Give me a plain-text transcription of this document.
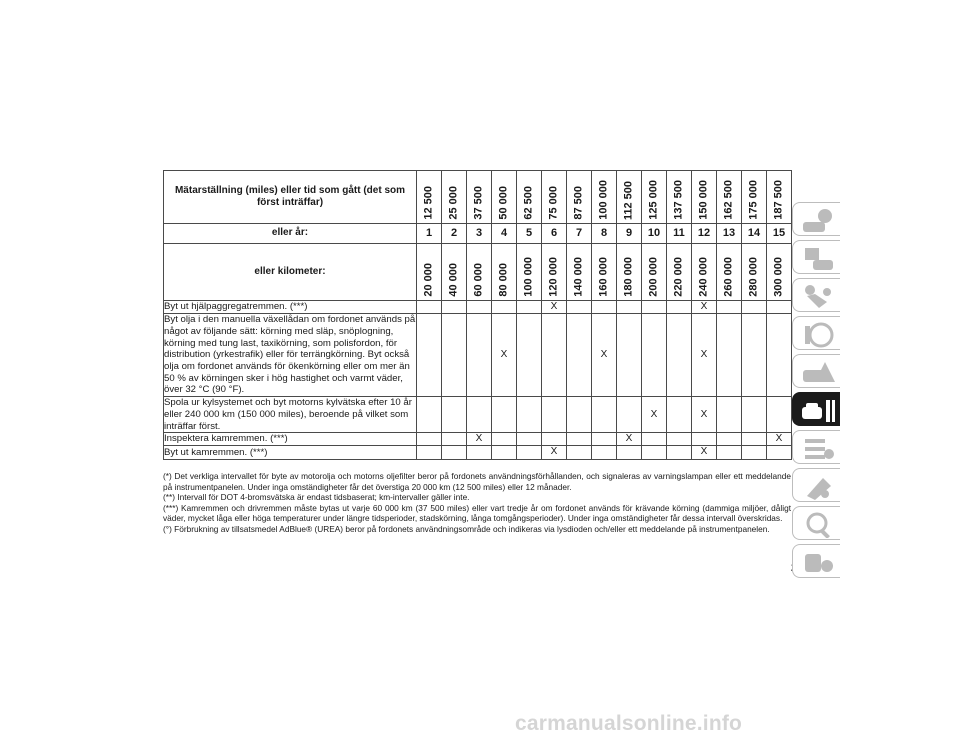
Mätarställning (miles) eller tid som gått (det som först inträffar)	12 500	25 000	37 500	50 000	62 500	75 000	87 500	100 000	112 500	125 000	137 500	150 000	162 500	175 000	187 500

eller år:	1	2	3	4	5	6	7	8	9	10	11	12	13	14	15
eller kilometer:	20 000	40 000	60 000	80 000	100 000	120 000	140 000	160 000	180 000	200 000	220 000	240 000	260 000	280 000	300 000

Byt ut hjälpaggregatremmen. (***)						X						X			
Byt olja i den manuella växellådan om fordonet används på något av följande sätt: körning med släp, snöplogning, körning med tung last, taxikörning, som polisfordon, för distribution (yrkestrafik) eller för terrängkörning. Byt också olja om fordonet används för ökenkörning eller om mer än 50 % av körningen sker i hög hastighet och varmt väder, över 32 °C (90 °F).				X				X				X			
Spola ur kylsystemet och byt motorns kylvätska efter 10 år eller 240 000 km (150 000 miles), beroende på vilket som inträffar först.										X		X			
Inspektera kamremmen. (***)			X						X						X
Byt ut kamremmen. (***)						X						X			

(*) Det verkliga intervallet för byte av motorolja och motorns oljefilter beror på fordonets användningsförhållanden, och signaleras av varningslampan eller ett meddelande på instrumentpanelen. Under inga omständigheter får det överstiga 20 000 km (12 500 miles) eller 12 månader.

(**) Intervall för DOT 4-bromsvätska är endast tidsbaserat; km-intervaller gäller inte.

(***) Kamremmen och drivremmen måste bytas ut varje 60 000 km (37 500 miles) eller vart tredje år om fordonet används för krävande körning (dammiga miljöer, dåligt väder, mycket låga eller höga temperaturer under längre tidsperioder, stadskörning, långa tomgångsperioder). Under inga omständigheter får dessa intervall överskridas.

(°) Förbrukning av tillsatsmedel AdBlue® (UREA) beror på fordonets användningsområde och indikeras via lysdioden och/eller ett meddelande på instrumentpanelen.

carmanualsonline.info
